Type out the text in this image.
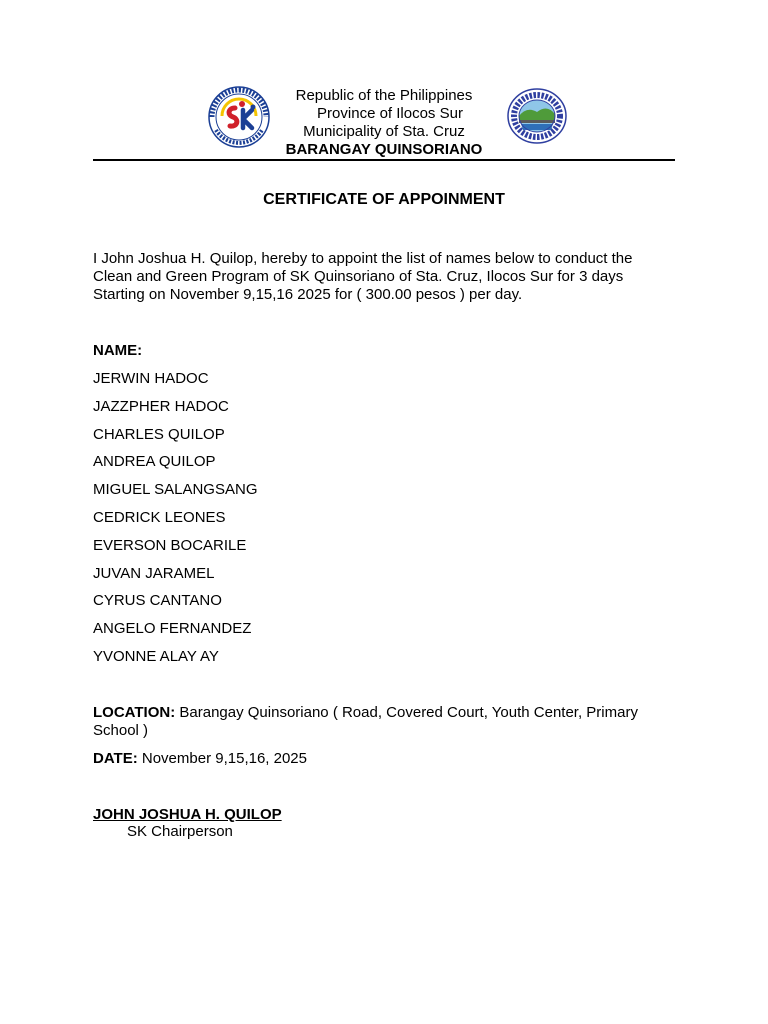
Republic of the Philippines
Province of Ilocos Sur
Municipality of Sta. Cruz
BARANGAY QUINSORIANO
CERTIFICATE OF APPOINMENT
I John Joshua H. Quilop, hereby to appoint the list of names below to conduct the Clean and Green Program of SK Quinsoriano of Sta. Cruz, Ilocos Sur for 3 days Starting on November 9,15,16 2025 for ( 300.00 pesos ) per day.
NAME:
JERWIN HADOC
JAZZPHER HADOC
CHARLES QUILOP
ANDREA QUILOP
MIGUEL SALANGSANG
CEDRICK LEONES
EVERSON BOCARILE
JUVAN JARAMEL
CYRUS CANTANO
ANGELO FERNANDEZ
YVONNE ALAY AY
LOCATION: Barangay Quinsoriano ( Road, Covered Court, Youth Center, Primary School )
DATE: November 9,15,16, 2025
JOHN JOSHUA H. QUILOP
SK Chairperson
